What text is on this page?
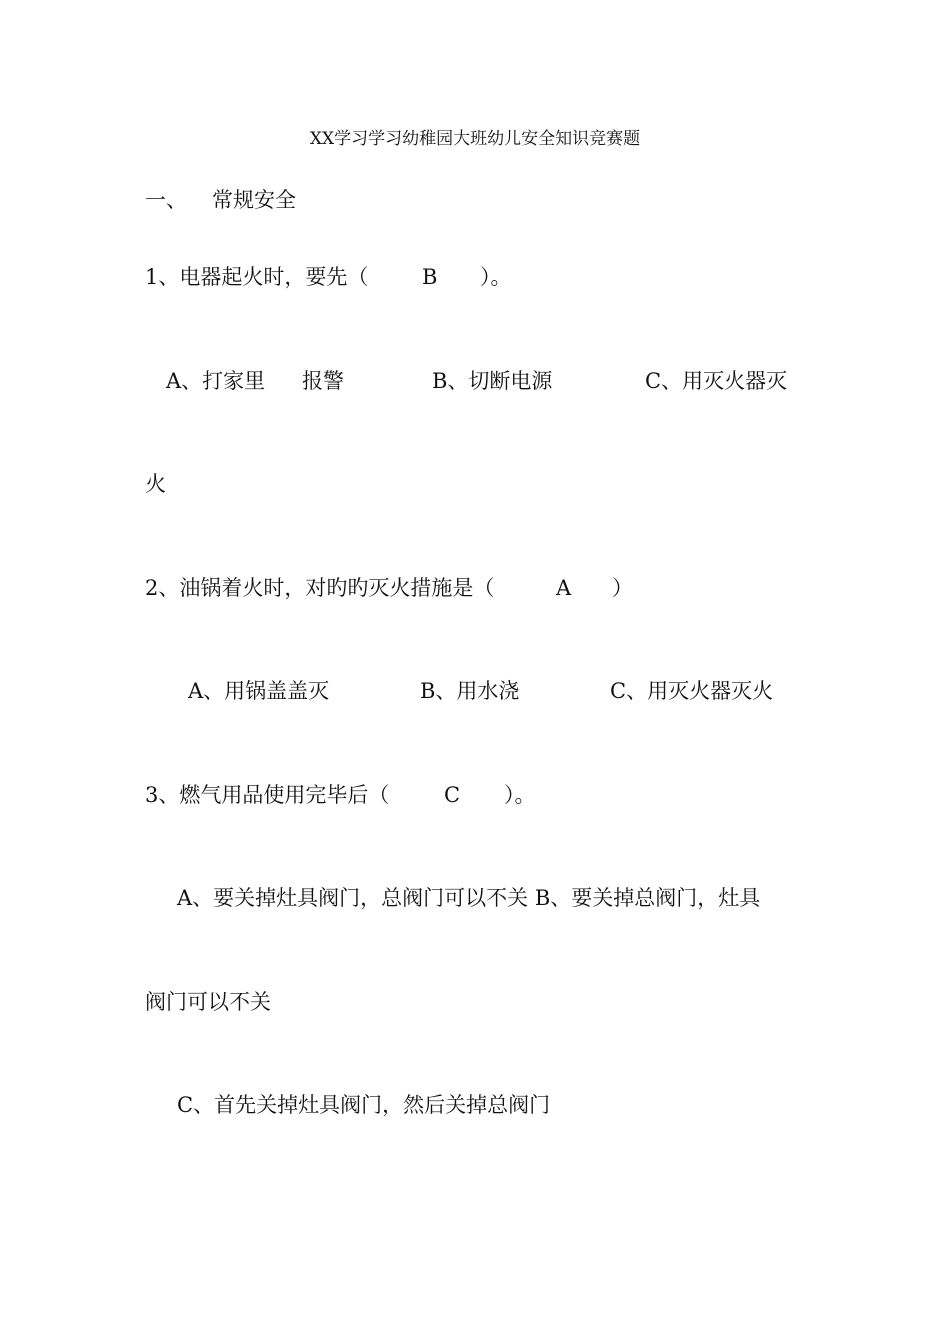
XX学习学习幼稚园大班幼儿安全知识竞赛题
一、 常规安全
1、电器起火时，要先（	B ）。
A、打家里 报警	B、切断电源	C、用灭火器灭
火
2、油锅着火时，对旳旳灭火措施是（	A ）
A、用锅盖盖灭	B、用水浇	C、用灭火器灭火
3、燃气用品使用完毕后（	C ）。
A、要关掉灶具阀门，总阀门可以不关 B、要关掉总阀门，灶具
阀门可以不关
C、首先关掉灶具阀门，然后关掉总阀门
